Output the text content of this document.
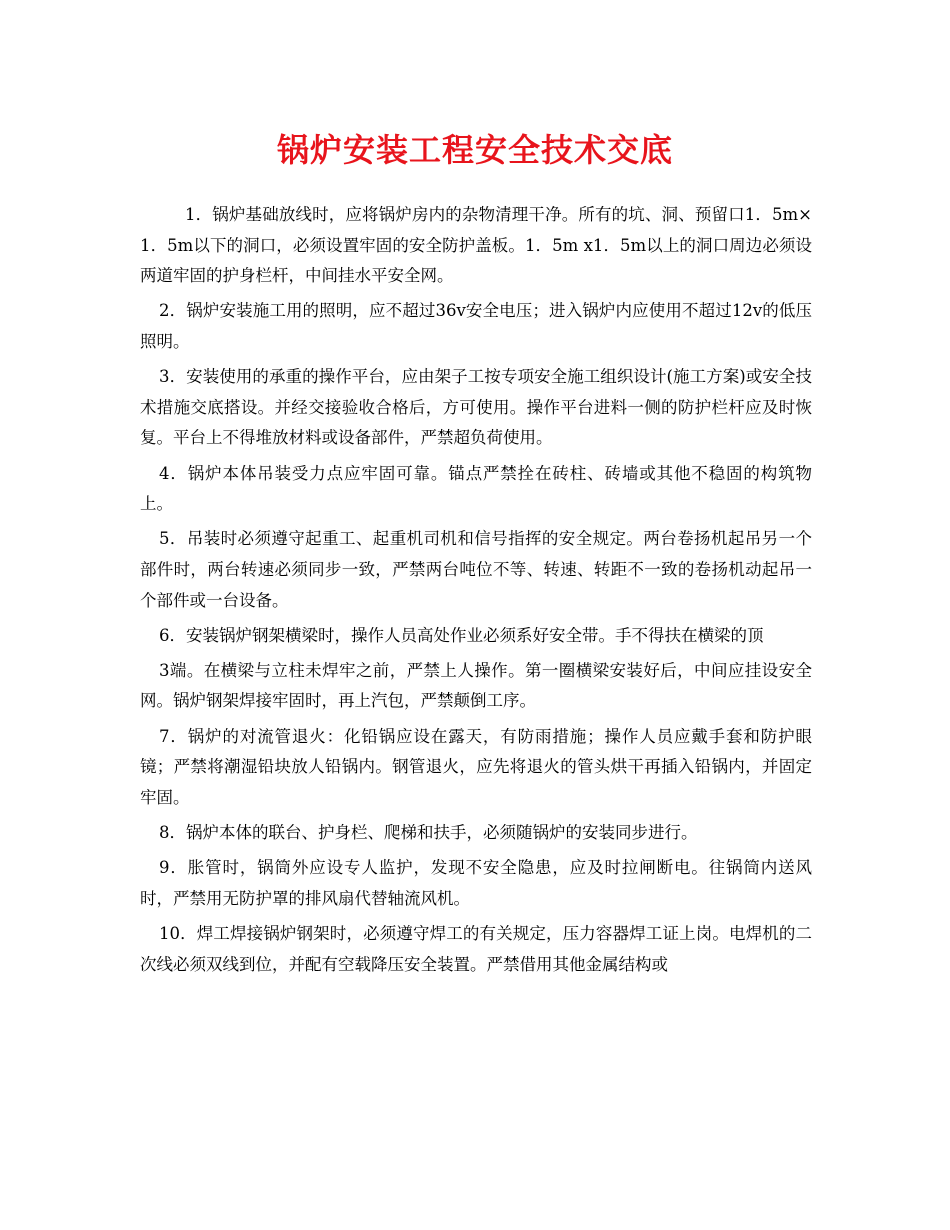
锅炉安装工程安全技术交底

1．锅炉基础放线时，应将锅炉房内的杂物清理干净。所有的坑、洞、预留口1．5m×1．5m以下的洞口，必须设置牢固的安全防护盖板。1．5m x1．5m以上的洞口周边必须设两道牢固的护身栏杆，中间挂水平安全网。

2．锅炉安装施工用的照明，应不超过36v安全电压；进入锅炉内应使用不超过12v的低压照明。

3．安装使用的承重的操作平台，应由架子工按专项安全施工组织设计(施工方案)或安全技术措施交底搭设。并经交接验收合格后，方可使用。操作平台进料一侧的防护栏杆应及时恢复。平台上不得堆放材料或设备部件，严禁超负荷使用。

4．锅炉本体吊装受力点应牢固可靠。锚点严禁拴在砖柱、砖墙或其他不稳固的构筑物上。

5．吊装时必须遵守起重工、起重机司机和信号指挥的安全规定。两台卷扬机起吊另一个部件时，两台转速必须同步一致，严禁两台吨位不等、转速、转距不一致的卷扬机动起吊一个部件或一台设备。

6．安装锅炉钢架横梁时，操作人员高处作业必须系好安全带。手不得扶在横梁的顶

3端。在横梁与立柱未焊牢之前，严禁上人操作。第一圈横梁安装好后，中间应挂设安全网。锅炉钢架焊接牢固时，再上汽包，严禁颠倒工序。

7．锅炉的对流管退火：化铅锅应设在露天，有防雨措施；操作人员应戴手套和防护眼镜；严禁将潮湿铅块放人铅锅内。钢管退火，应先将退火的管头烘干再插入铅锅内，并固定牢固。

8．锅炉本体的联台、护身栏、爬梯和扶手，必须随锅炉的安装同步进行。

9．胀管时，锅筒外应设专人监护，发现不安全隐患，应及时拉闸断电。往锅筒内送风时，严禁用无防护罩的排风扇代替轴流风机。

10．焊工焊接锅炉钢架时，必须遵守焊工的有关规定，压力容器焊工证上岗。电焊机的二次线必须双线到位，并配有空载降压安全装置。严禁借用其他金属结构或
